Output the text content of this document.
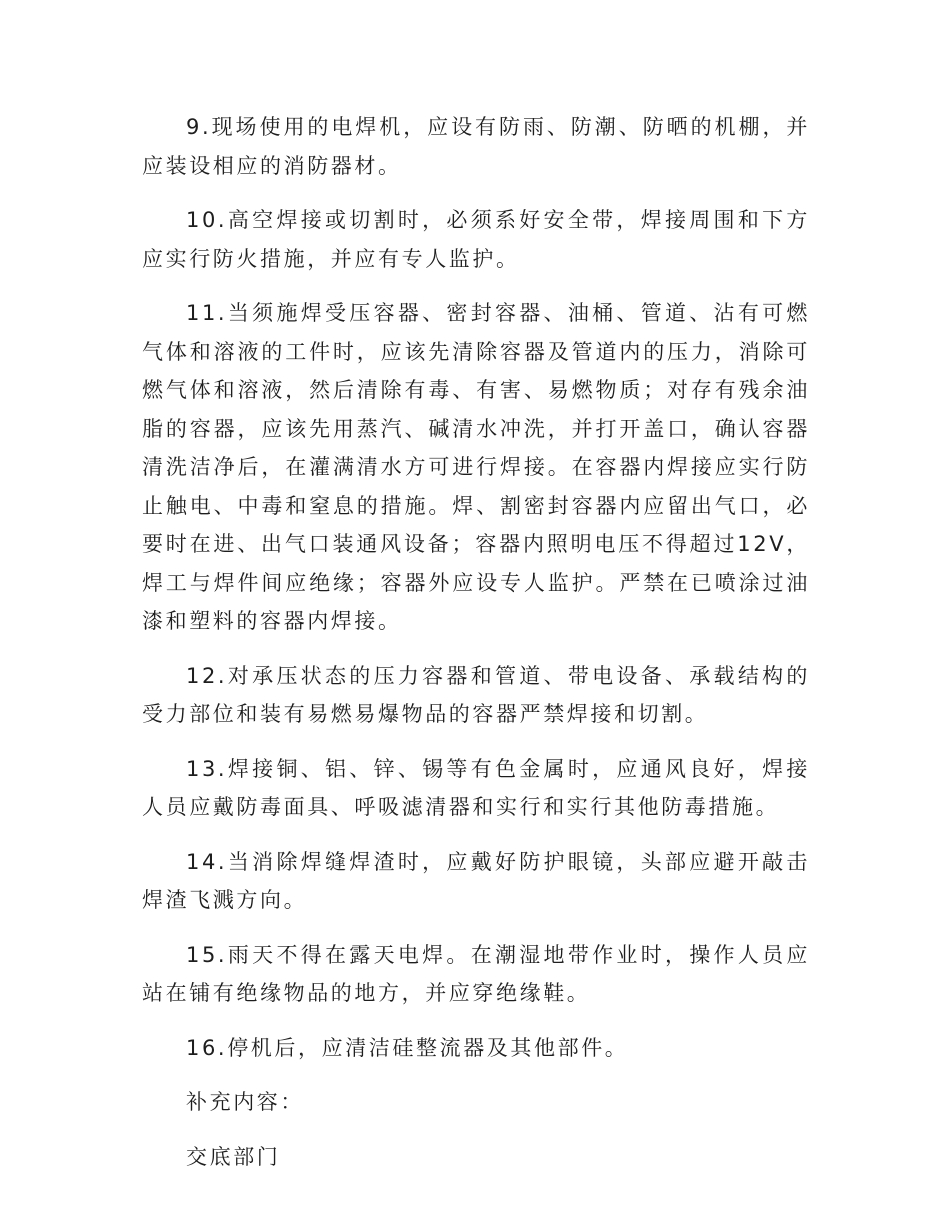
9.现场使用的电焊机，应设有防雨、防潮、防晒的机棚，并应装设相应的消防器材。

10.高空焊接或切割时，必须系好安全带，焊接周围和下方应实行防火措施，并应有专人监护。

11.当须施焊受压容器、密封容器、油桶、管道、沾有可燃气体和溶液的工件时，应该先清除容器及管道内的压力，消除可燃气体和溶液，然后清除有毒、有害、易燃物质；对存有残余油脂的容器，应该先用蒸汽、碱清水冲洗，并打开盖口，确认容器清洗洁净后，在灌满清水方可进行焊接。在容器内焊接应实行防止触电、中毒和窒息的措施。焊、割密封容器内应留出气口，必要时在进、出气口装通风设备；容器内照明电压不得超过12V，焊工与焊件间应绝缘；容器外应设专人监护。严禁在已喷涂过油漆和塑料的容器内焊接。

12.对承压状态的压力容器和管道、带电设备、承载结构的受力部位和装有易燃易爆物品的容器严禁焊接和切割。

13.焊接铜、铝、锌、锡等有色金属时，应通风良好，焊接人员应戴防毒面具、呼吸滤清器和实行和实行其他防毒措施。

14.当消除焊缝焊渣时，应戴好防护眼镜，头部应避开敲击焊渣飞溅方向。

15.雨天不得在露天电焊。在潮湿地带作业时，操作人员应站在铺有绝缘物品的地方，并应穿绝缘鞋。

16.停机后，应清洁硅整流器及其他部件。

补充内容：

交底部门
